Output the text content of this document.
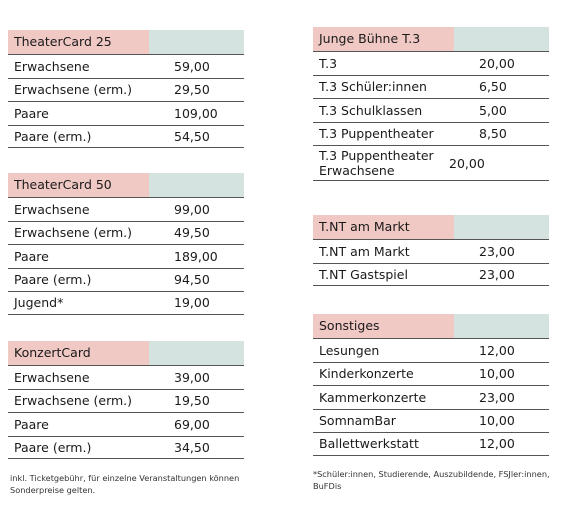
TheaterCard 25
Erwachsene	59,00
Erwachsene (erm.)	29,50
Paare	109,00
Paare (erm.)	54,50
TheaterCard 50
Erwachsene	99,00
Erwachsene (erm.)	49,50
Paare	189,00
Paare (erm.)	94,50
Jugend*	19,00
KonzertCard
Erwachsene	39,00
Erwachsene (erm.)	19,50
Paare	69,00
Paare (erm.)	34,50
inkl. Ticketgebühr, für einzelne Veranstaltungen können Sonderpreise gelten.
Junge Bühne T.3
T.3	20,00
T.3 Schüler:innen	6,50
T.3 Schulklassen	5,00
T.3 Puppentheater	8,50
T.3 Puppentheater Erwachsene	20,00
T.NT am Markt
T.NT am Markt	23,00
T.NT Gastspiel	23,00
Sonstiges
Lesungen	12,00
Kinderkonzerte	10,00
Kammerkonzerte	23,00
SomnamBar	10,00
Ballettwerkstatt	12,00
*Schüler:innen, Studierende, Auszubildende, FSJler:innen, BuFDis
